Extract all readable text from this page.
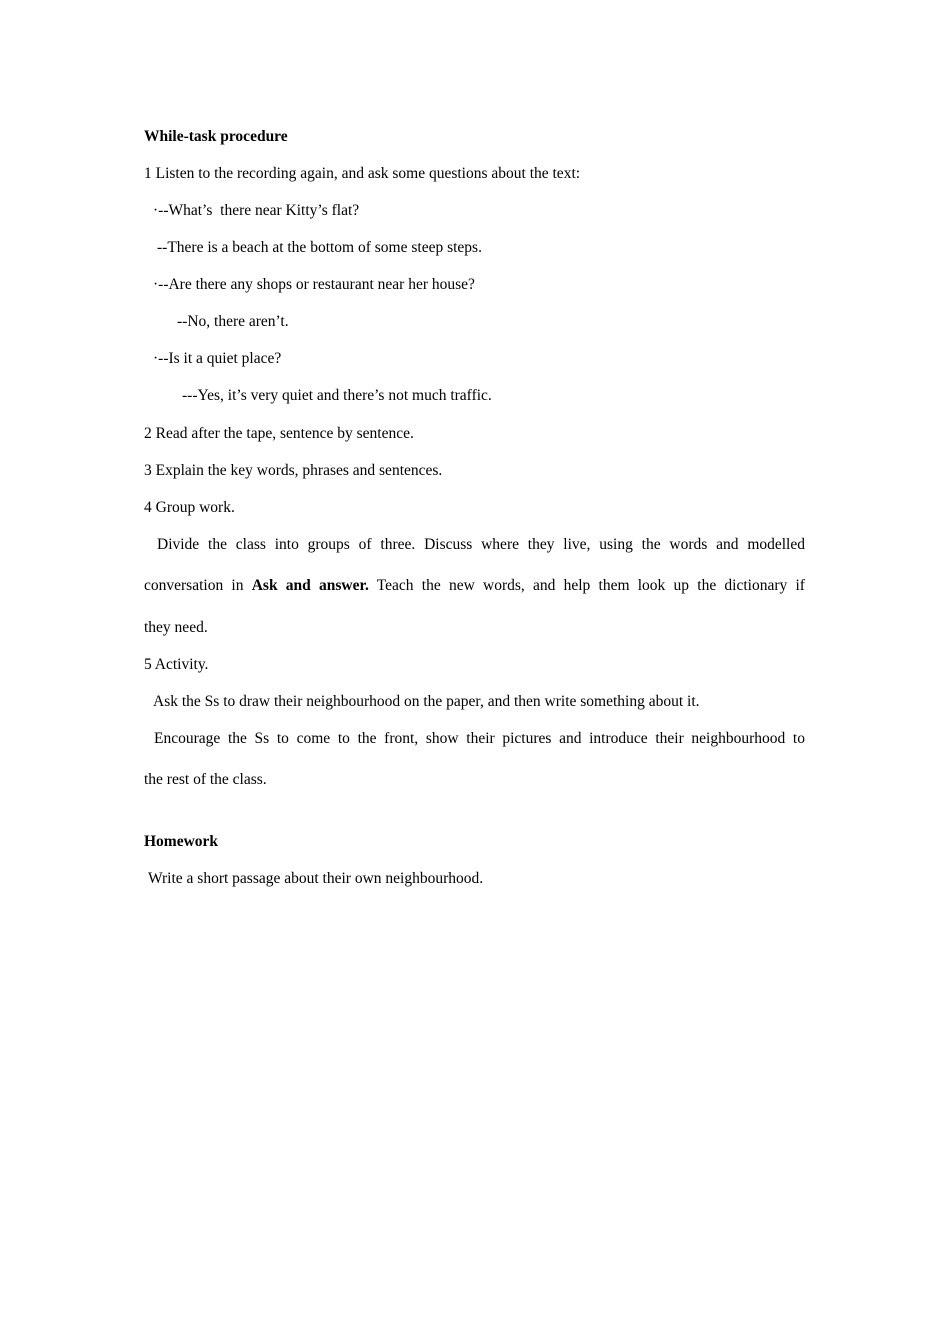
While-task procedure
1 Listen to the recording again, and ask some questions about the text:
·--What’s  there near Kitty’s flat?
--There is a beach at the bottom of some steep steps.
·--Are there any shops or restaurant near her house?
--No, there aren’t.
·--Is it a quiet place?
---Yes, it’s very quiet and there’s not much traffic.
2 Read after the tape, sentence by sentence.
3 Explain the key words, phrases and sentences.
4 Group work.
Divide the class into groups of three. Discuss where they live, using the words and modelled
conversation in Ask and answer. Teach the new words, and help them look up the dictionary if
they need.
5 Activity.
Ask the Ss to draw their neighbourhood on the paper, and then write something about it.
Encourage the Ss to come to the front, show their pictures and introduce their neighbourhood to
the rest of the class.
Homework
Write a short passage about their own neighbourhood.
